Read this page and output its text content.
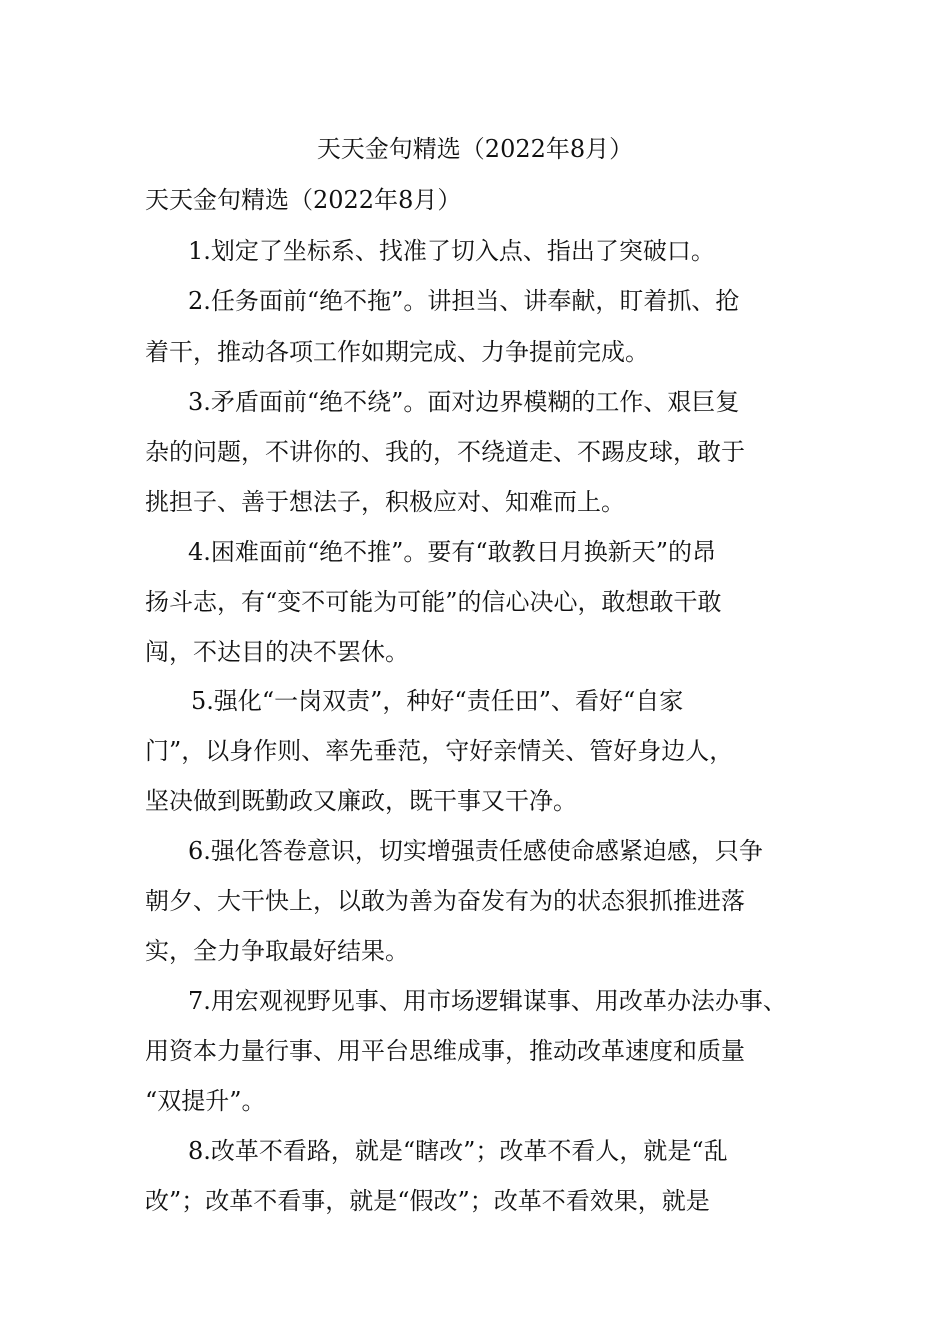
天天金句精选（2022年8月）
天天金句精选（2022年8月）
1.划定了坐标系、找准了切入点、指出了突破口。
2.任务面前“绝不拖”。讲担当、讲奉献，盯着抓、抢
着干，推动各项工作如期完成、力争提前完成。
3.矛盾面前“绝不绕”。面对边界模糊的工作、艰巨复
杂的问题，不讲你的、我的，不绕道走、不踢皮球，敢于
挑担子、善于想法子，积极应对、知难而上。
4.困难面前“绝不推”。要有“敢教日月换新天”的昂
扬斗志，有“变不可能为可能”的信心决心，敢想敢干敢
闯，不达目的决不罢休。
5.强化“一岗双责”，种好“责任田”、看好“自家
门”，以身作则、率先垂范，守好亲情关、管好身边人，
坚决做到既勤政又廉政，既干事又干净。
6.强化答卷意识，切实增强责任感使命感紧迫感，只争
朝夕、大干快上，以敢为善为奋发有为的状态狠抓推进落
实，全力争取最好结果。
7.用宏观视野见事、用市场逻辑谋事、用改革办法办事、
用资本力量行事、用平台思维成事，推动改革速度和质量
“双提升”。
8.改革不看路，就是“瞎改”；改革不看人，就是“乱
改”；改革不看事，就是“假改”；改革不看效果，就是
